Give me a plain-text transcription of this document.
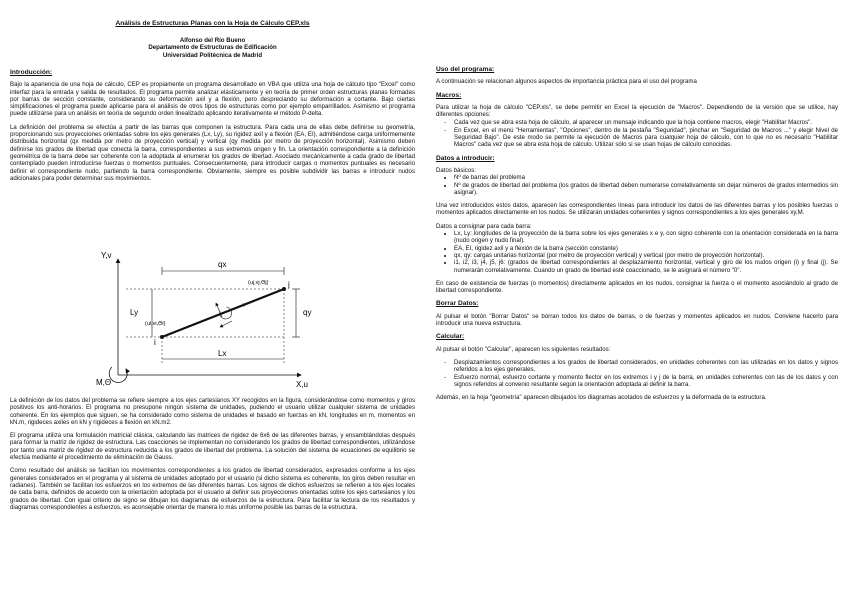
Análisis de Estructuras Planas con la Hoja de Cálculo CEP.xls
Alfonso del Río Bueno
Departamento de Estructuras de Edificación
Universidad Politécnica de Madrid
Introducción:

Bajo la apariencia de una hoja de cálculo, CEP es propiamente un programa desarrollado en VBA que utiliza una hoja de cálculo tipo "Excel" como interfaz para la entrada y salida de resultados. El programa permite analizar elásticamente y en teoría de primer orden estructuras planas formadas por barras de sección constante, considerando su deformación axil y a flexión, pero despreciando su deformación a cortante. Bajo ciertas simplificaciones el programa puede aplicarse para el análisis de otros tipos de estructuras como por ejemplo emparrillados. Asimismo el programa puede utilizarse para un análisis en teoría de segundo orden linealizado aplicando iterativamente el método P-delta.

La definición del problema se efectúa a partir de las barras que componen la estructura. Para cada una de ellas debe definirse su geometría, proporcionando sus proyecciones orientadas sobre los ejes generales (Lx, Ly), su rigidez axil y a flexión (EA, EI), admitiéndose carga uniformemente distribuida horizontal (qx medida por metro de proyección vertical) y vertical (qy medida por metro de proyección horizontal). Asimismo deben definirse los grados de libertad que conecta la barra, correspondientes a sus extremos origen y fin. La orientación correspondiente a la definición geométrica de la barra debe ser coherente con la adoptada al enumerar los grados de libertad. Asociado mecánicamente a cada grado de libertad contemplado pueden introducirse fuerzas o momentos puntuales. Consecuentemente, para introducir cargas o momentos puntuales es necesario definir el correspondiente nudo, partiendo la barra correspondiente. Obviamente, siempre es posible subdividir las barras e introducir nudos adicionales para poder determinar sus movimientos.

Y,v
X,u
M,Θ
qx
qy
Ly
Lx
i
j
(ui,vi,Θi)
(uj,vj,Θj)

La definición de los datos del problema se refiere siempre a los ejes cartesianos XY recogidos en la figura, considerándose como momentos y giros positivos los anti-horarios. El programa no presupone ningún sistema de unidades, pudiendo el usuario utilizar cualquier sistema de unidades coherente. En los ejemplos que siguen, se ha considerado como sistema de unidades el basado en fuerzas en kN, longitudes en m, momentos en kN.m, rigideces axiles en kN y rigideces a flexión en kN.m2.

El programa utiliza una formulación matricial clásica, calculando las matrices de rigidez de 6x6 de las diferentes barras, y ensamblándolas después para formar la matriz de rigidez de estructura. Las coacciones se implementan no considerando los grados de libertad correspondientes, utilizándose por tanto una matriz de rigidez de estructura reducida a los grados de libertad del problema. La solución del sistema de ecuaciones de equilibrio se efectúa mediante el procedimiento de eliminación de Gauss.

Como resultado del análisis se facilitan los movimientos correspondientes a los grados de libertad considerados, expresados conforme a los ejes generales considerados en el programa y al sistema de unidades adoptado por el usuario (si dicho sistema es coherente, los giros deben resultar en radianes). También se facilitan los esfuerzos en los extremos de las diferentes barras. Los signos de dichos esfuerzos se refieren a los ejes locales de cada barra, definidos de acuerdo con la orientación adoptada por el usuario al definir sus proyecciones orientadas sobre los ejes cartesianos y los grados de libertad. Con igual criterio de signo se dibujan los diagramas de esfuerzos de la estructura. Para facilitar la lectura de los resultados y diagramas correspondientes a esfuerzos, es aconsejable orientar de manera lo más uniforme posible las barras de la estructura.

Uso del programa:

A continuación se relacionan algunos aspectos de importancia práctica para el uso del programa

Macros:

Para utilizar la hoja de cálculo "CEP.xls", se debe permitir en Excel la ejecución de "Macros". Dependiendo de la versión que se utilice, hay diferentes opciones:

- Cada vez que se abra esta hoja de cálculo, al aparecer un mensaje indicando que la hoja contiene macros, elegir "Habilitar Macros".
- En Excel, en el menú "Herramientas", "Opciones", dentro de la pestaña "Seguridad", pinchar en "Seguridad de Macros ..." y elegir Nivel de Seguridad Bajo". De este modo se permite la ejecución de Macros para cualquier hoja de cálculo, con lo que no es necesario "Habilitar Macros" cada vez que se abra esta hoja de cálculo. Utilizar sólo si se usan hojas de cálculo conocidas.
Datos a introducir:
Datos básicos:
• Nº de barras del problema
• Nº de grados de libertad del problema (los grados de libertad deben numerarse correlativamente sin dejar números de grados intermedios sin asignar).

Una vez introducidos estos datos, aparecen las correspondientes líneas para introducir los datos de las diferentes barras y los posibles fuerzas o momentos aplicados directamente en los nudos. Se utilizarán unidades coherentes y signos correspondientes a los ejes generales xy,M.

Datos a consignar para cada barra:
• Lx, Ly: longitudes de la proyección de la barra sobre los ejes generales x e y, con signo coherente con la orientación considerada en la barra (nudo origen y nudo final).
• EA, EI, rigidez axil y a flexión de la barra (sección constante)
• qx, qy: cargas unitarias horizontal (por metro de proyección vertical) y vertical (por metro de proyección horizontal).
• i1, i2, i3, j4, j5, j6: (grados de libertad correspondientes al desplazamiento horizontal, vertical y giro de los nudos origen (i) y final (j). Se numerarán correlativamente. Cuando un grado de libertad esté coaccionado, se le asignará el número "0".

En caso de existencia de fuerzas (o momentos) directamente aplicados en los nudos, consignar la fuerza o el momento asociándolo al grado de libertad correspondiente.

Borrar Datos:

Al pulsar el botón "Borrar Datos" se borran todos los datos de barras, o de fuerzas y momentos aplicados en nudos. Conviene hacerlo para introducir una nueva estructura.

Calcular:

Al pulsar el botón "Calcular", aparecen los siguientes resultados:

- Desplazamientos correspondientes a los grados de libertad considerados, en unidades coherentes con las utilizadas en los datos y signos referidos a los ejes generales.
- Esfuerzo normal, esfuerzo cortante y momento flector en los extremos i y j de la barra, en unidades coherentes con las de los datos y con signos referidos al convenio resultante según la orientación adoptada al definir la barra.

Además, en la hoja "geometría" aparecen dibujados los diagramas acotados de esfuerzos y la deformada de la estructura.
